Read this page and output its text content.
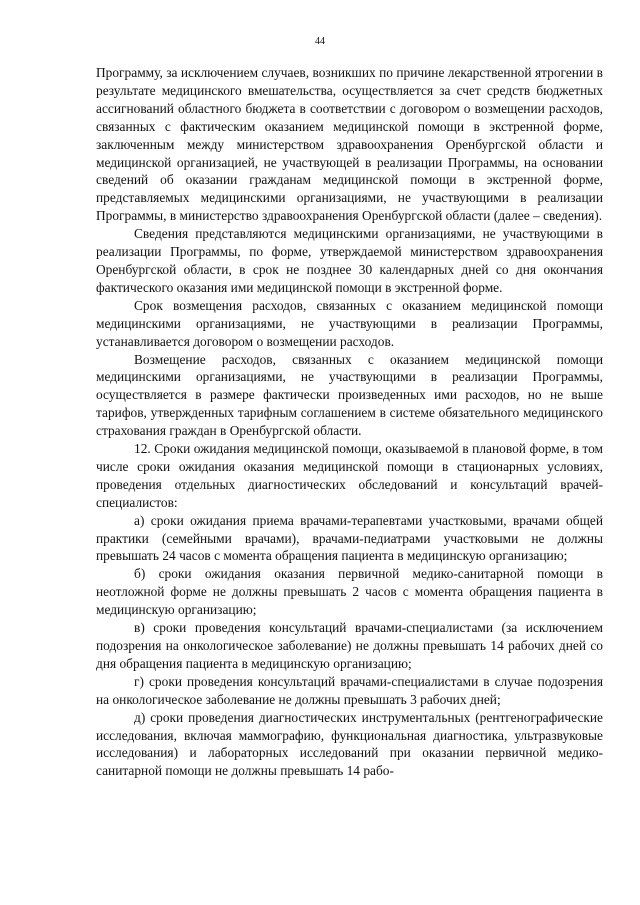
44

Программу, за исключением случаев, возникших по причине лекарственной ятрогении в результате медицинского вмешательства, осуществляется за счет средств бюджетных ассигнований областного бюджета в соответствии с договором о возмещении расходов, связанных с фактическим оказанием медицинской помощи в экстренной форме, заключенным между министерством здравоохранения Оренбургской области и медицинской организацией, не участвующей в реализации Программы, на основании сведений об оказании гражданам медицинской помощи в экстренной форме, представляемых медицинскими организациями, не участвующими в реализации Программы, в министерство здравоохранения Оренбургской области (далее – сведения).

Сведения представляются медицинскими организациями, не участвующими в реализации Программы, по форме, утверждаемой министерством здравоохранения Оренбургской области, в срок не позднее 30 календарных дней со дня окончания фактического оказания ими медицинской помощи в экстренной форме.

Срок возмещения расходов, связанных с оказанием медицинской помощи медицинскими организациями, не участвующими в реализации Программы, устанавливается договором о возмещении расходов.

Возмещение расходов, связанных с оказанием медицинской помощи медицинскими организациями, не участвующими в реализации Программы, осуществляется в размере фактически произведенных ими расходов, но не выше тарифов, утвержденных тарифным соглашением в системе обязательного медицинского страхования граждан в Оренбургской области.

12. Сроки ожидания медицинской помощи, оказываемой в плановой форме, в том числе сроки ожидания оказания медицинской помощи в стационарных условиях, проведения отдельных диагностических обследований и консультаций врачей-специалистов:

а) сроки ожидания приема врачами-терапевтами участковыми, врачами общей практики (семейными врачами), врачами-педиатрами участковыми не должны превышать 24 часов с момента обращения пациента в медицинскую организацию;

б) сроки ожидания оказания первичной медико-санитарной помощи в неотложной форме не должны превышать 2 часов с момента обращения пациента в медицинскую организацию;

в) сроки проведения консультаций врачами-специалистами (за исключением подозрения на онкологическое заболевание) не должны превышать 14 рабочих дней со дня обращения пациента в медицинскую организацию;

г) сроки проведения консультаций врачами-специалистами в случае подозрения на онкологическое заболевание не должны превышать 3 рабочих дней;

д) сроки проведения диагностических инструментальных (рентгенографические исследования, включая маммографию, функциональная диагностика, ультразвуковые исследования) и лабораторных исследований при оказании первичной медико-санитарной помощи не должны превышать 14 рабо-
